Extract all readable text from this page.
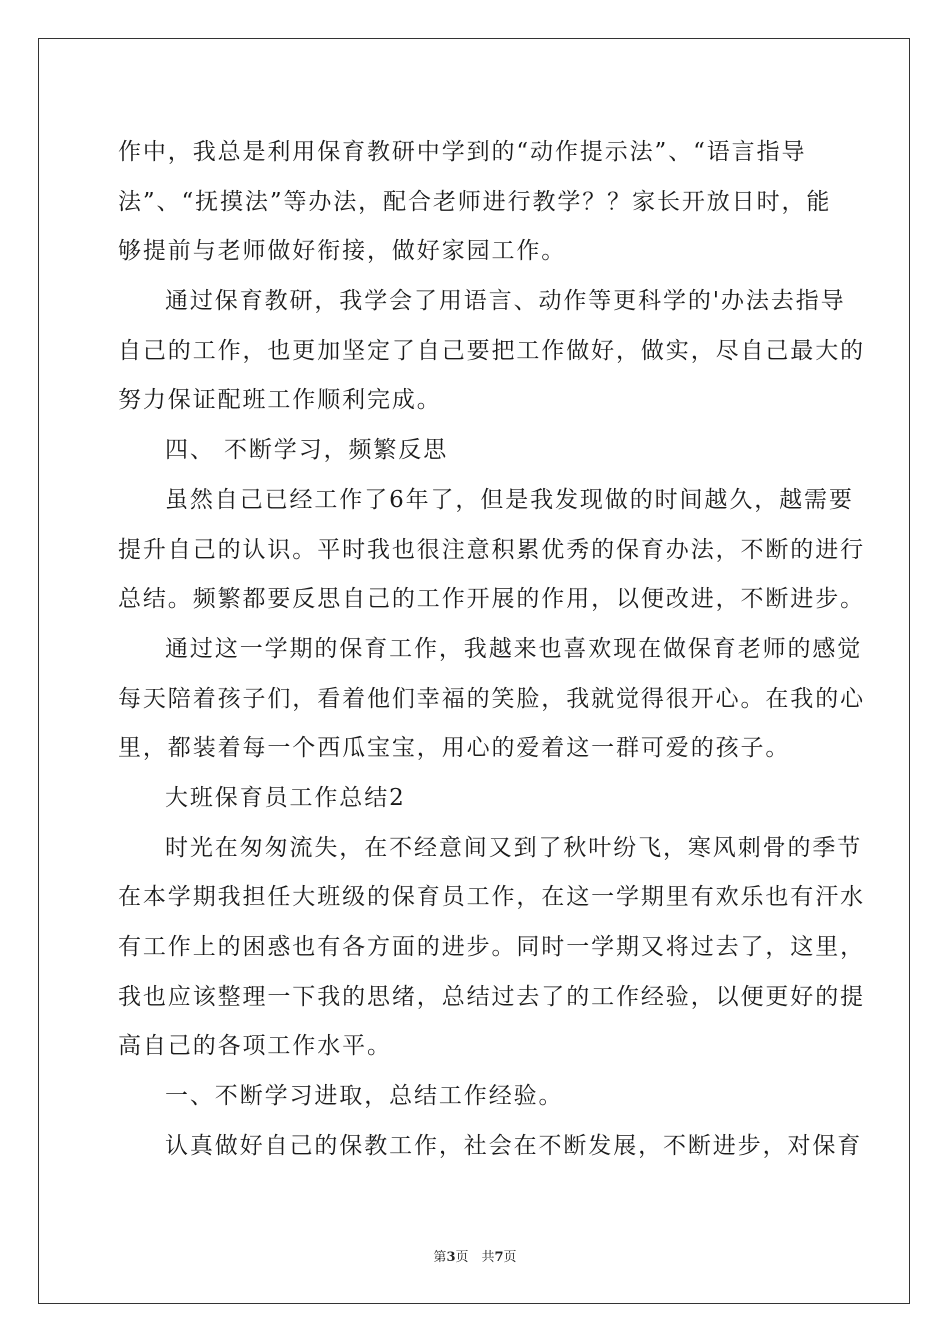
作中，我总是利用保育教研中学到的“动作提示法”、“语言指导
法”、“抚摸法”等办法，配合老师进行教学？？家长开放日时，能
够提前与老师做好衔接，做好家园工作。
通过保育教研，我学会了用语言、动作等更科学的'办法去指导
自己的工作，也更加坚定了自己要把工作做好，做实，尽自己最大的
努力保证配班工作顺利完成。
四、 不断学习，频繁反思
虽然自己已经工作了6年了，但是我发现做的时间越久，越需要
提升自己的认识。平时我也很注意积累优秀的保育办法，不断的进行
总结。频繁都要反思自己的工作开展的作用，以便改进，不断进步。
通过这一学期的保育工作，我越来也喜欢现在做保育老师的感觉
每天陪着孩子们，看着他们幸福的笑脸，我就觉得很开心。在我的心
里，都装着每一个西瓜宝宝，用心的爱着这一群可爱的孩子。
大班保育员工作总结2
时光在匆匆流失，在不经意间又到了秋叶纷飞，寒风刺骨的季节
在本学期我担任大班级的保育员工作，在这一学期里有欢乐也有汗水
有工作上的困惑也有各方面的进步。同时一学期又将过去了，这里，
我也应该整理一下我的思绪，总结过去了的工作经验，以便更好的提
高自己的各项工作水平。
一、不断学习进取，总结工作经验。
认真做好自己的保教工作，社会在不断发展，不断进步，对保育
第3页　共7页
